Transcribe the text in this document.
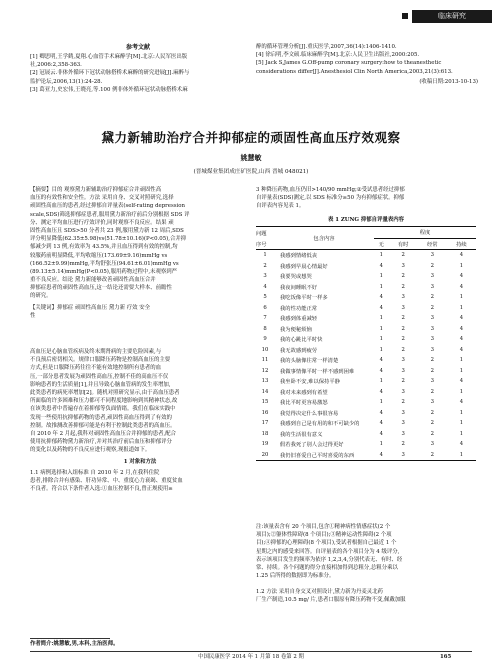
临床研究
参考文献
[1] 卿思明,王学鹤,夏翔.心血管手术麻醉学[M].北京:人民军医出版
社,2006:2,358-363.
[2] 冠展云.非体外循环下冠状动脉搭桥术麻醉的研究进展[J].麻醉与
监护论坛,2006,13(1):24-28.
[3] 葛亚力,史宏伟,王晓亮,等.100 例非体外循环冠状动脉搭桥术麻
醉的循环管理分析[J].重庆医学,2007,36(14):1406-1410.
[4] 徐启明,李文硕.临床麻醉学[M].北京:人民卫生出版社,2000:205.
[5] Jack S,James G.Off-pump coronary surgery:how to theanesthetic
considerations differ[J].Anesthesiol Clin North America,2003,21(3):613.
(收稿日期:2013-10-13)
黛力新辅助治疗合并抑郁症的顽固性高血压疗效观察
姚慧敏
(晋城煤业集团成庄矿医院,山西 晋城 048021)
【摘要】目的 观察黛力新辅助治疗抑郁症合并顽固性高
血压的有效性和安全性。方法 采用自身、交叉对照研究,选择
顽固性高血压的患者,经过抑郁自评量表(self-rating depression
scale,SDS)筛选抑郁症患者,服用黛力新治疗前后分别根据 SDS 评
分、测定平均血压进行疗效评价,同时观察不良反应。结果 顽
固性高血压且 SDS>50 分者共 23 例,服用黛力新 12 周后,SDS
评分明显降低(62.35±5.98)vs(51.78±10.16)(P<0.05),合并抑
郁减少到 13 例,有效率为 43.5%,并且血压得到有效的控制,均
较服药前明显降低,平均收缩压(173.69±9.16)mmHg vs
(166.52±9.99)mmHg,平均舒张压(94.61±6.01)mmHg vs
(89.13±5.14)mmHg(P<0.05),服用药物过程中,未观察到严
重不良反应。结论 黛力新能够改善顽固性高血压合并
抑郁症患者的顽固性高血压,这一结论还需要大样本、前瞻性
的研究。
【关键词】抑郁症 顽固性高血压 黛力新 疗效 安全
性
高血压是心脑血管疾病及终末期肾病的主要危险因素,与
不良预后密切相关。规律口服降压药物是控制高血压的主要
方式,但是口服降压药往往不能有效地控制所有患者的血
压,一部分患者发展为顽固性高血压,控制不佳的高血压不仅
影响患者的生活质量[1],并且导致心脑血管病的发生率增加,
此类患者的病死率增加[2]。随机对照研究显示,由于高血压患者
所面临的许多困难和压力都可不同程度地影响到其精神状态,故
在该类患者中普遍存在着抑郁等负面情绪。我们在临床实践中
发现一些使用抗抑郁药物的患者,顽固性高血压得到了有效的
控制。故推测改善抑郁可能是有利于控制此类患者的高血压。
自 2010 年 2 月起,我科对顽固性高血压合并抑郁的患者,配合
使用抗抑郁药物黛力新治疗,并对其治疗前后血压和抑郁评分
的变化以及药物的不良反应进行观察,现报道如下。
1 对象和方法
1.1 病例选择和入组标准 自 2010 年 2 月,在我科住院
患者,排除合并有感染、肝功异常、中、重度心力衰竭、重度贫血
不良者。符合以下条件者入选:①血压控制不良,曾正规使用≥
作者简介:姚慧敏,男,本科,主治医师。
3 种降压药物,血压仍旧>140/90 mmHg;②受试患者经过抑郁
自评量表(SDS)测定,以 SDS 标准分≥50 为有抑郁症状。抑郁
自评表内容见表 1。
表 1 ZUNG 抑郁自评量表内容
问题	包含内容	程度			
序号		无	有时	经常	持续
1	我感到情绪低丧	1	2	3	4
2	我感到早晨心情最好	4	3	2	1
3	我要哭或想哭	1	2	3	4
4	我夜间睡眠不好	1	2	3	4
5	我吃饭像平时一样多	4	3	2	1
6	我的性功能正常	4	3	2	1
7	我感到体重减轻	1	2	3	4
8	我为便秘烦恼	1	2	3	4
9	我的心跳比平时快	1	2	3	4
10	我无故感到疲劳	1	2	3	4
11	我的头脑像往常一样清楚	4	3	2	1
12	我做事情像平时一样不感到困难	4	3	2	1
13	我坐卧不安,难以保持平静	1	2	3	4
14	我对未来感到有希望	4	3	2	1
15	我比平时更容易激怒	1	2	3	4
16	我觉得决定什么事很容易	4	3	2	1
17	我感到自己是有用的和不可缺少的	4	3	2	1
18	我的生活很有意义	4	3	2	1
19	假若我死了别人会过得更好	1	2	3	4
20	我仍旧喜爱自己平时喜爱的东西	4	3	2	1
注:该量表含有 20 个项目,包含①精神病性情感症状(2 个
项目);②躯体性障碍(8 个项目);③精神运动性障碍(2 个项
目);④抑郁的心理障碍(8 个项目),受试者根据自己最近 1 个
星期之内的感受来回答。自评量表的各个项目分为 4 级评分,
表示该项目发生的频率为依序 1,2,3,4,分别代表无、有时、经
常、持续。各个问题的得分直接相加得到总粗分,总粗分乘以
1.25 后所得的数据即为标准分。
1.2 方法 采用自身交叉对照设计,黛力新为丹麦灵北药
厂生产制造,10.5 mg/ 片,患者口服原有降压药物不变,佩戴加服
中国民康医学 2014 年 1 月第 18 卷第 2 期	165
